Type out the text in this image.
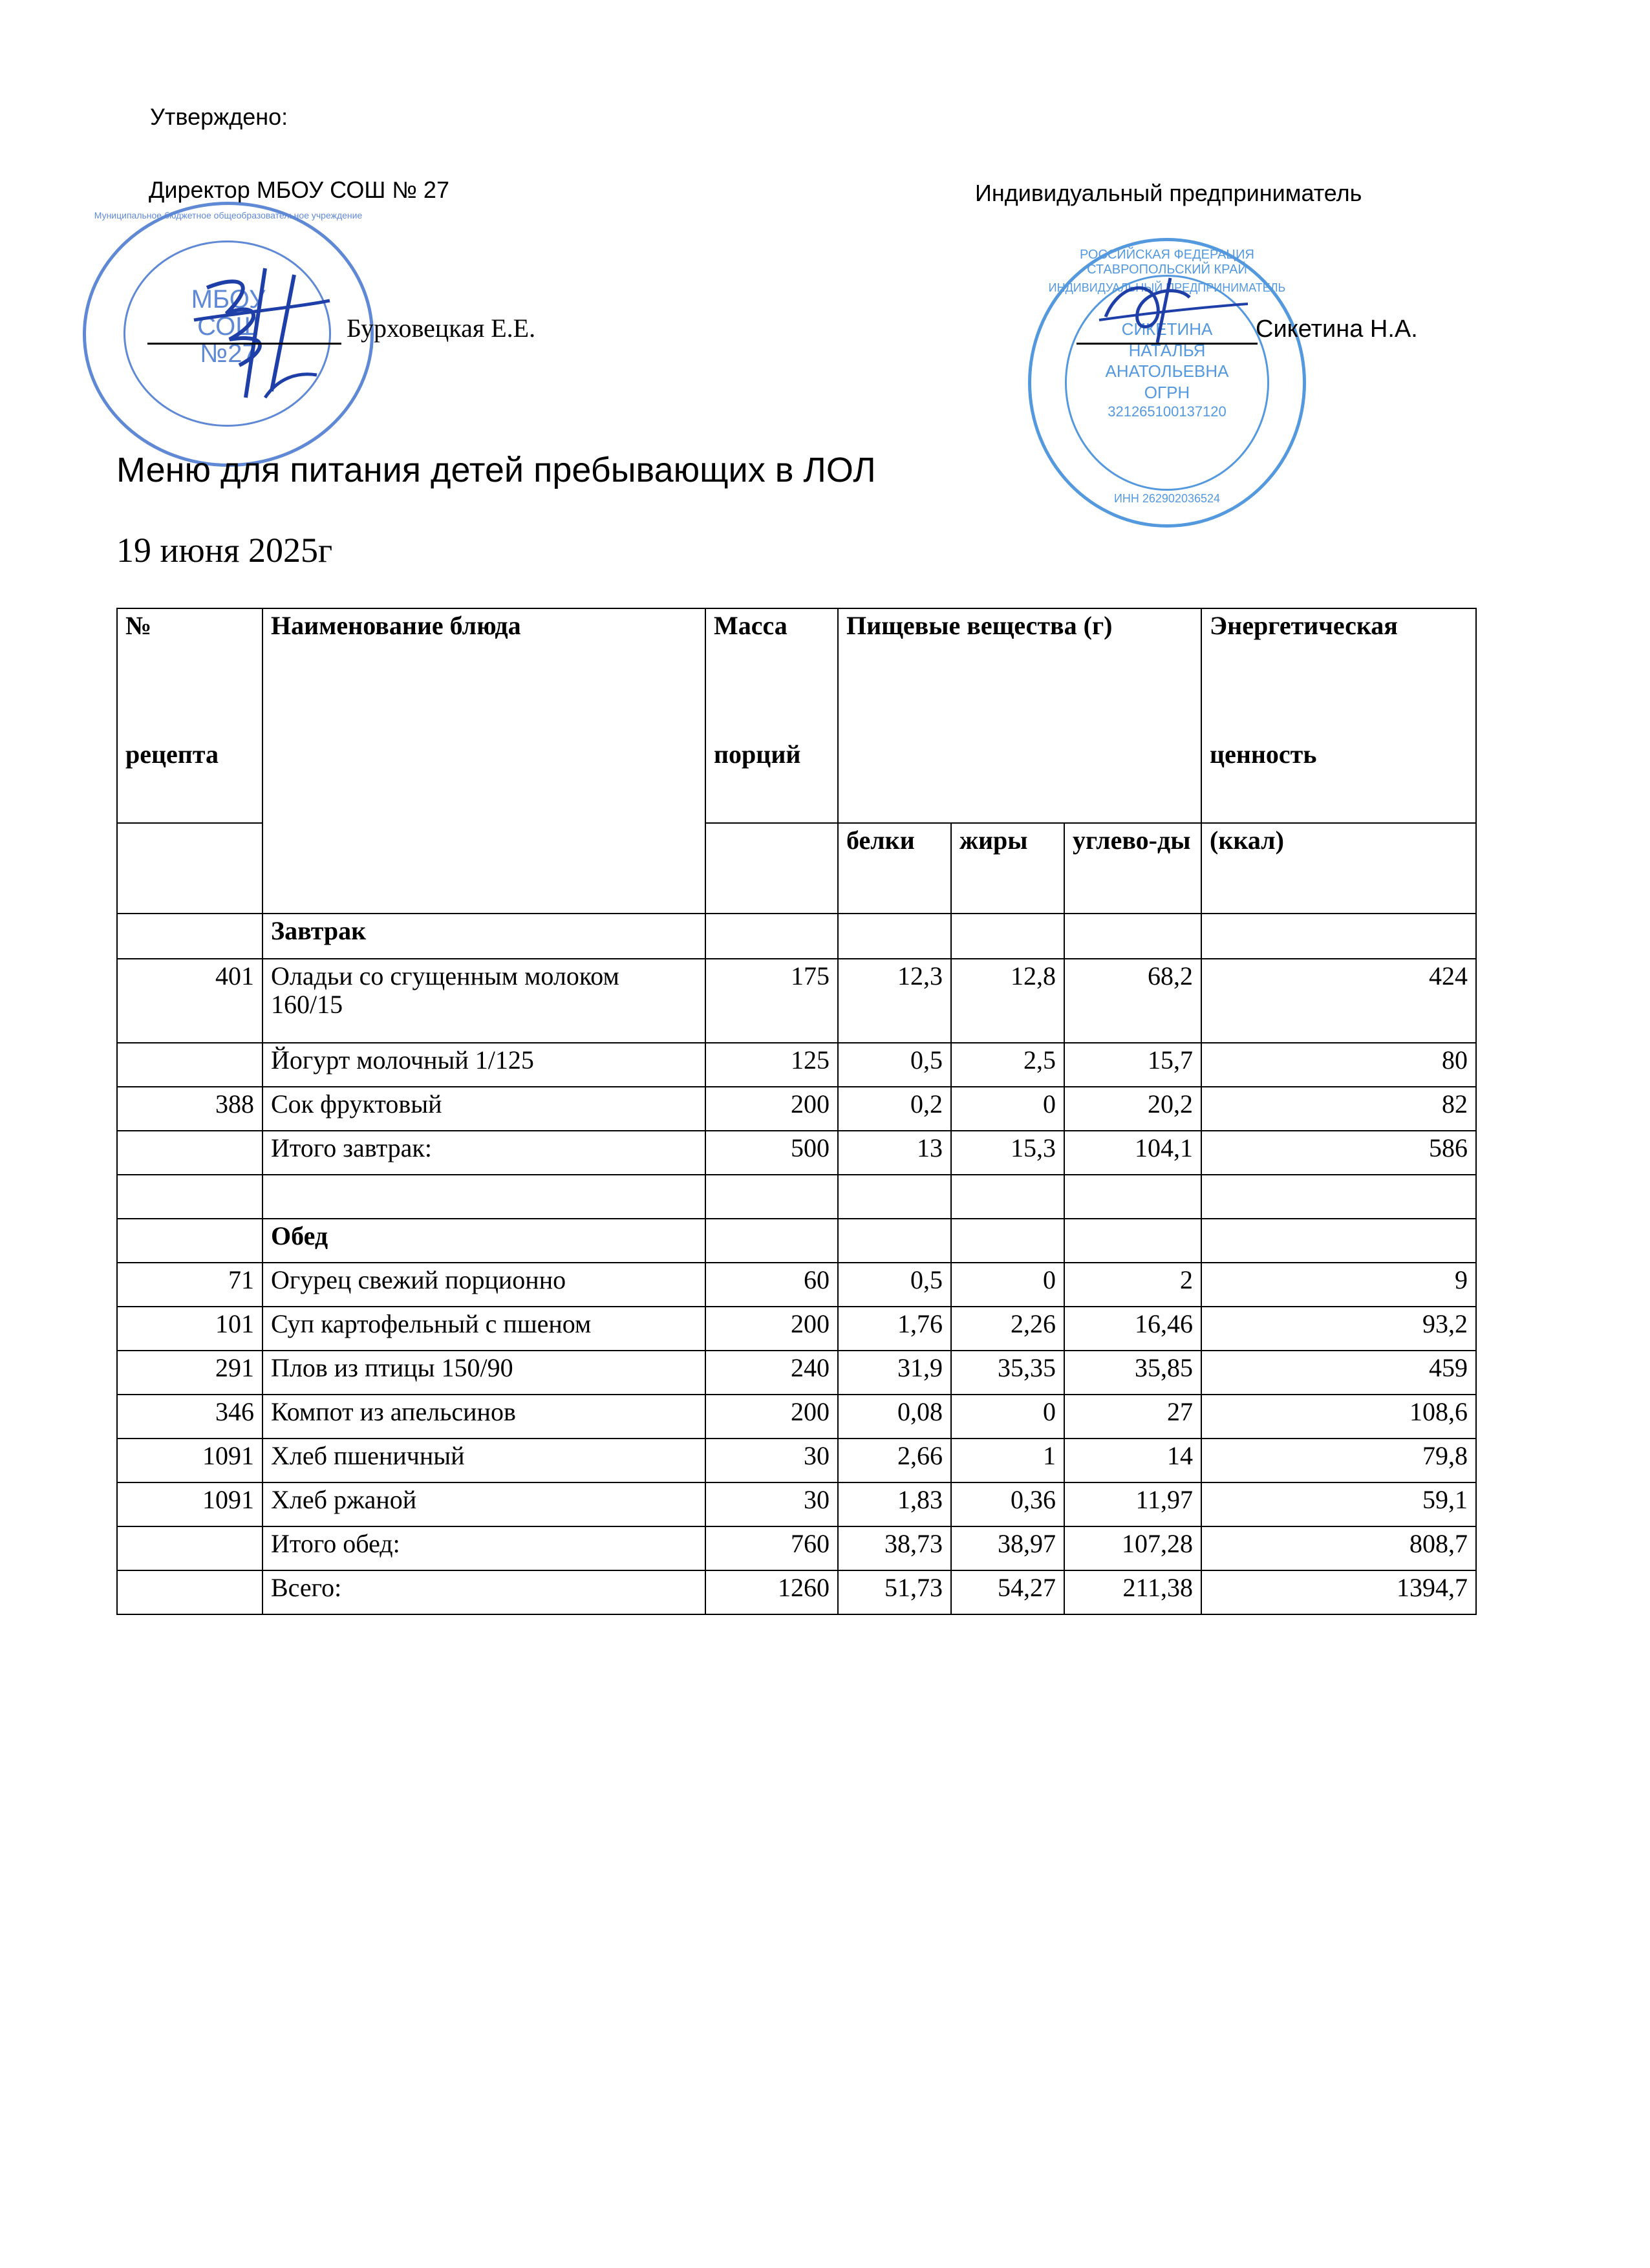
Утверждено:
Директор МБОУ СОШ № 27	Индивидуальный предприниматель
Муниципальное бюджетное общеобразовательное учреждение
МБОУ
СОШ
№27
Бурховецкая Е.Е.
РОССИЙСКАЯ ФЕДЕРАЦИЯ СТАВРОПОЛЬСКИЙ КРАЙ
ИНДИВИДУАЛЬНЫЙ ПРЕДПРИНИМАТЕЛЬ
СИКЕТИНА
НАТАЛЬЯ
АНАТОЛЬЕВНА
ОГРН
321265100137120
ИНН 262902036524
Сикетина Н.А.
Меню для питания детей пребывающих в ЛОЛ
19 июня 2025г
№	Наименование блюда	Масса	Пищевые вещества (г)			Энергетическая
рецепта		порций				ценность
			белки	жиры	углево-ды	(ккал)
	Завтрак					
401	Оладьи со сгущенным молоком 160/15	175	12,3	12,8	68,2	424
	Йогурт молочный 1/125	125	0,5	2,5	15,7	80
388	Сок фруктовый	200	0,2	0	20,2	82
	Итого завтрак:	500	13	15,3	104,1	586

	Обед					
71	Огурец свежий порционно	60	0,5	0	2	9
101	Суп картофельный с пшеном	200	1,76	2,26	16,46	93,2
291	Плов из птицы 150/90	240	31,9	35,35	35,85	459
346	Компот из апельсинов	200	0,08	0	27	108,6
1091	Хлеб пшеничный	30	2,66	1	14	79,8
1091	Хлеб ржаной	30	1,83	0,36	11,97	59,1
	Итого обед:	760	38,73	38,97	107,28	808,7
	Всего:	1260	51,73	54,27	211,38	1394,7
